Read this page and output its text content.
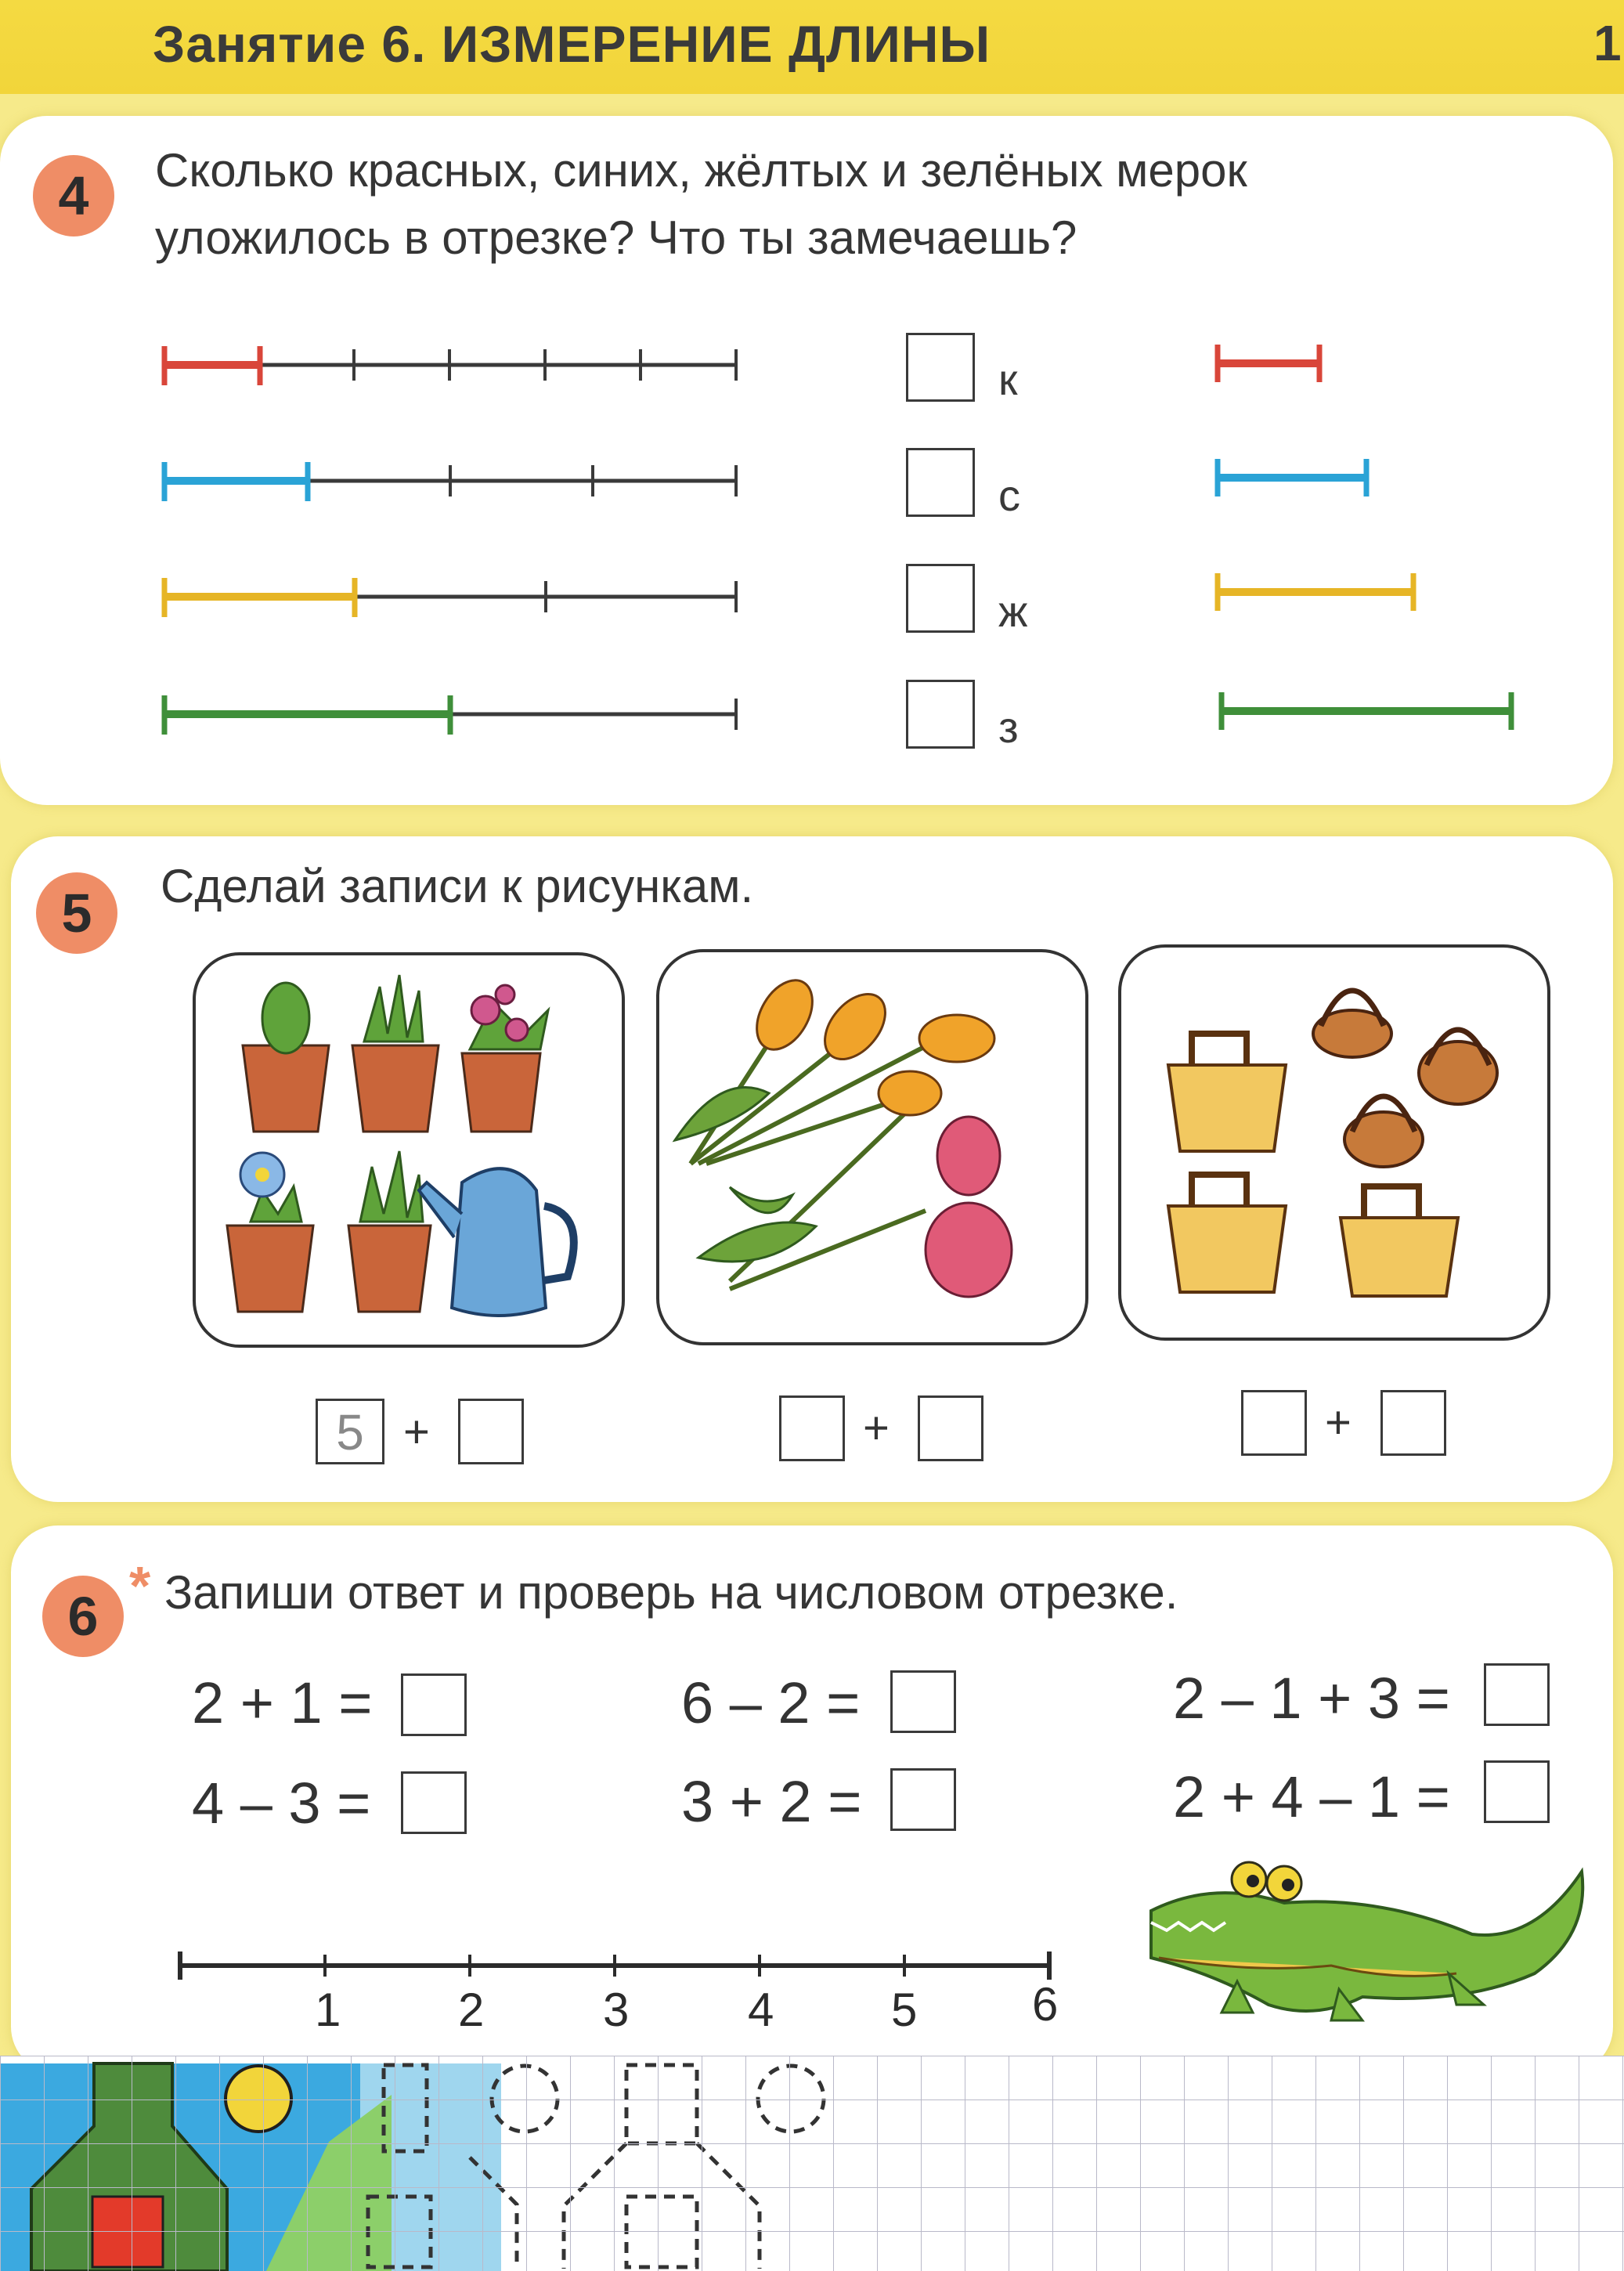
Занятие 6. ИЗМЕРЕНИЕ ДЛИНЫ	1
4	Сколько красных, синих, жёлтых и зелёных мерок
уложилось в отрезке? Что ты замечаешь?
к
с
ж
з
5	Сделай записи к рисункам.
5 +	+	+
6 * Запиши ответ и проверь на числовом отрезке.
2 + 1 =	6 – 2 =	2 – 1 + 3 =
4 – 3 =	3 + 2 =	2 + 4 – 1 =
1 2	3	4 5 6
